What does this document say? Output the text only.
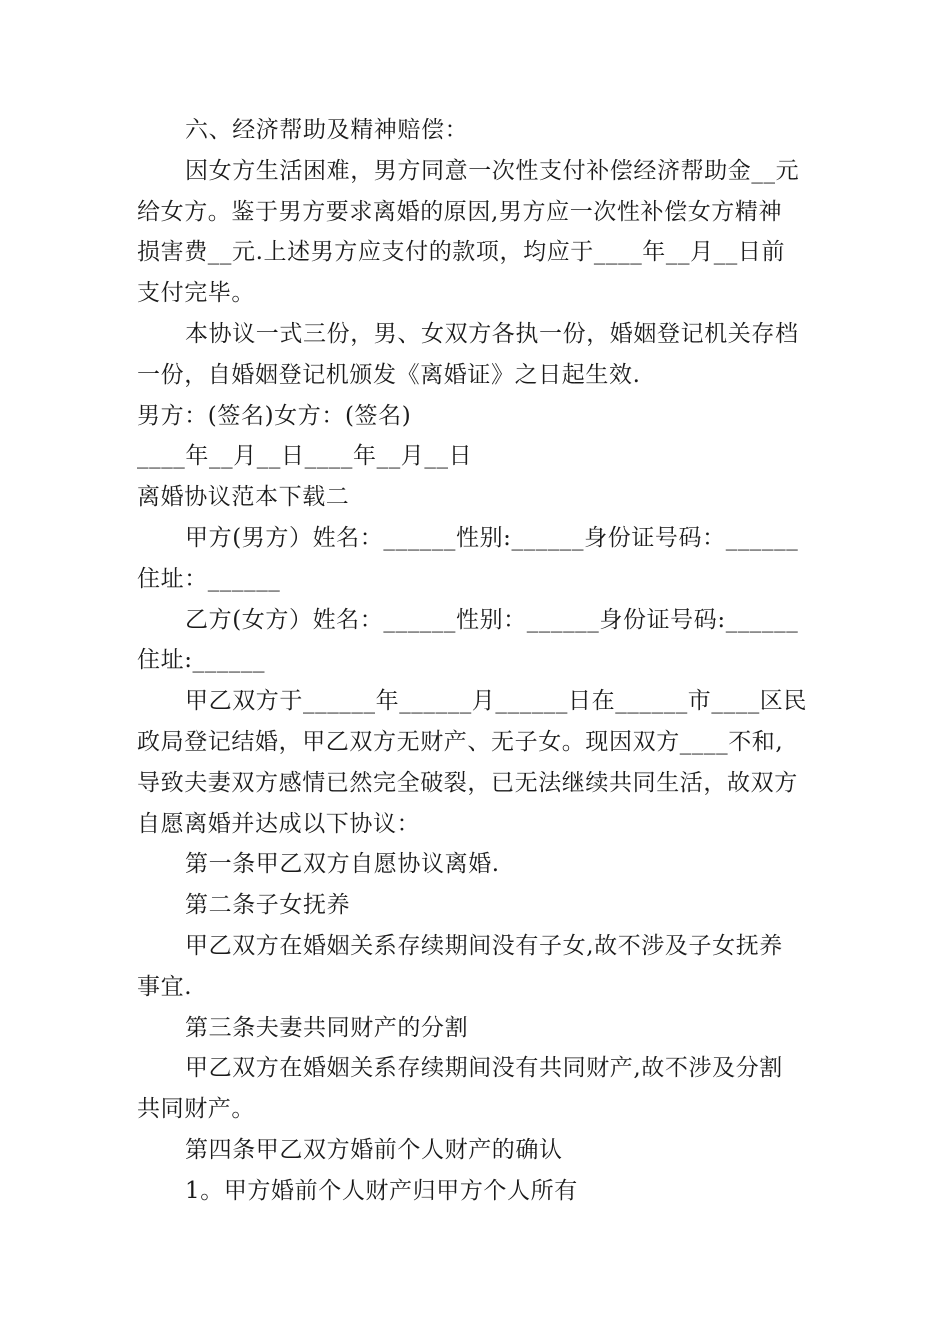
六、经济帮助及精神赔偿：
因女方生活困难，男方同意一次性支付补偿经济帮助金__元
给女方。鉴于男方要求离婚的原因,男方应一次性补偿女方精神
损害费__元.上述男方应支付的款项，均应于____年__月__日前
支付完毕。
本协议一式三份，男、女双方各执一份，婚姻登记机关存档
一份，自婚姻登记机颁发《离婚证》之日起生效.
男方：(签名)女方：(签名)
____年__月__日____年__月__日
离婚协议范本下载二
甲方(男方）姓名：______性别:______身份证号码：______
住址：______
乙方(女方）姓名：______性别：______身份证号码:______
住址:______
甲乙双方于______年______月______日在______市____区民
政局登记结婚，甲乙双方无财产、无子女。现因双方____不和,
导致夫妻双方感情已然完全破裂，已无法继续共同生活，故双方
自愿离婚并达成以下协议：
第一条甲乙双方自愿协议离婚.
第二条子女抚养
甲乙双方在婚姻关系存续期间没有子女,故不涉及子女抚养
事宜.
第三条夫妻共同财产的分割
甲乙双方在婚姻关系存续期间没有共同财产,故不涉及分割
共同财产。
第四条甲乙双方婚前个人财产的确认
1。甲方婚前个人财产归甲方个人所有
